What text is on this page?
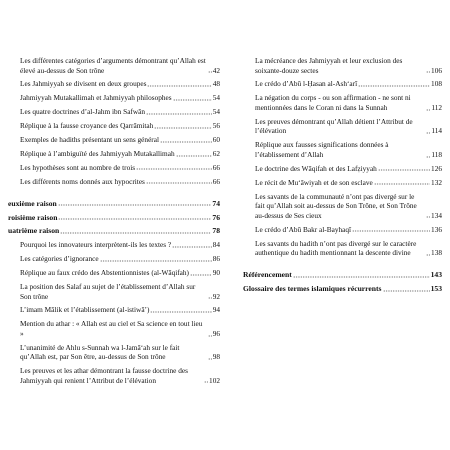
Les différentes catégories d’arguments démontrant qu’Allah est élevé au-dessus de Son trône	42
Les Jahmiyyah se divisent en deux groupes	48
Jahmiyyah Mutakallimah et Jahmiyyah philosophes	54
Les quatre doctrines d’al-Jahm ibn Safwān	54
Réplique à la fausse croyance des Qarrāmitah	56
Exemples de hadiths présentant un sens général	60
Réplique à l’ambiguïté des Jahmiyyah Mutakallimah	62
Les hypothèses sont au nombre de trois	66
Les différents noms donnés aux hypocrites	66
euxième raison	74
roisième raison	76
uatrième raison	78
Pourquoi les innovateurs interprètent-ils les textes ?	84
Les catégories d’ignorance	86
Réplique au faux crédo des Abstentionnistes (al-Wāqifah)	90
La position des Salaf au sujet de l’établissement d’Allah sur Son trône	92
L’imam Mālik et l’établissement (al-istiwā’)	94
Mention du athar : « Allah est au ciel et Sa science en tout lieu »	96
L’unanimité de Ahlu s-Sunnah wa l-Jamā‘ah sur le fait qu’Allah est, par Son être, au-dessus de Son trône	98
Les preuves et les athar démontrant la fausse doctrine des Jahmiyyah qui renient l’Attribut de l’élévation	102
La mécréance des Jahmiyyah et leur exclusion des soixante-douze sectes	106
Le crédo d’Abū l-Ḥasan al-Ash‘arī	108
La négation du corps - ou son affirmation - ne sont ni mentionnées dans le Coran ni dans la Sunnah	112
Les preuves démontrant qu’Allah détient l’Attribut de l’élévation	114
Réplique aux fausses significations données à l’établissement d’Allah	118
Le doctrine des Wāqifah et des Lafẓiyyah	126
Le récit de Mu‘āwiyah et de son esclave	132
Les savants de la communauté n’ont pas divergé sur le fait qu’Allah soit au-dessus de Son Trône, et Son Trône au-dessus de Ses cieux	134
Le crédo d’Abū Bakr al-Bayhaqī	136
Les savants du hadith n’ont pas divergé sur le caractère authentique du hadith mentionnant la descente divine	138
Référencement	143
Glossaire des termes islamiques récurrents	153
